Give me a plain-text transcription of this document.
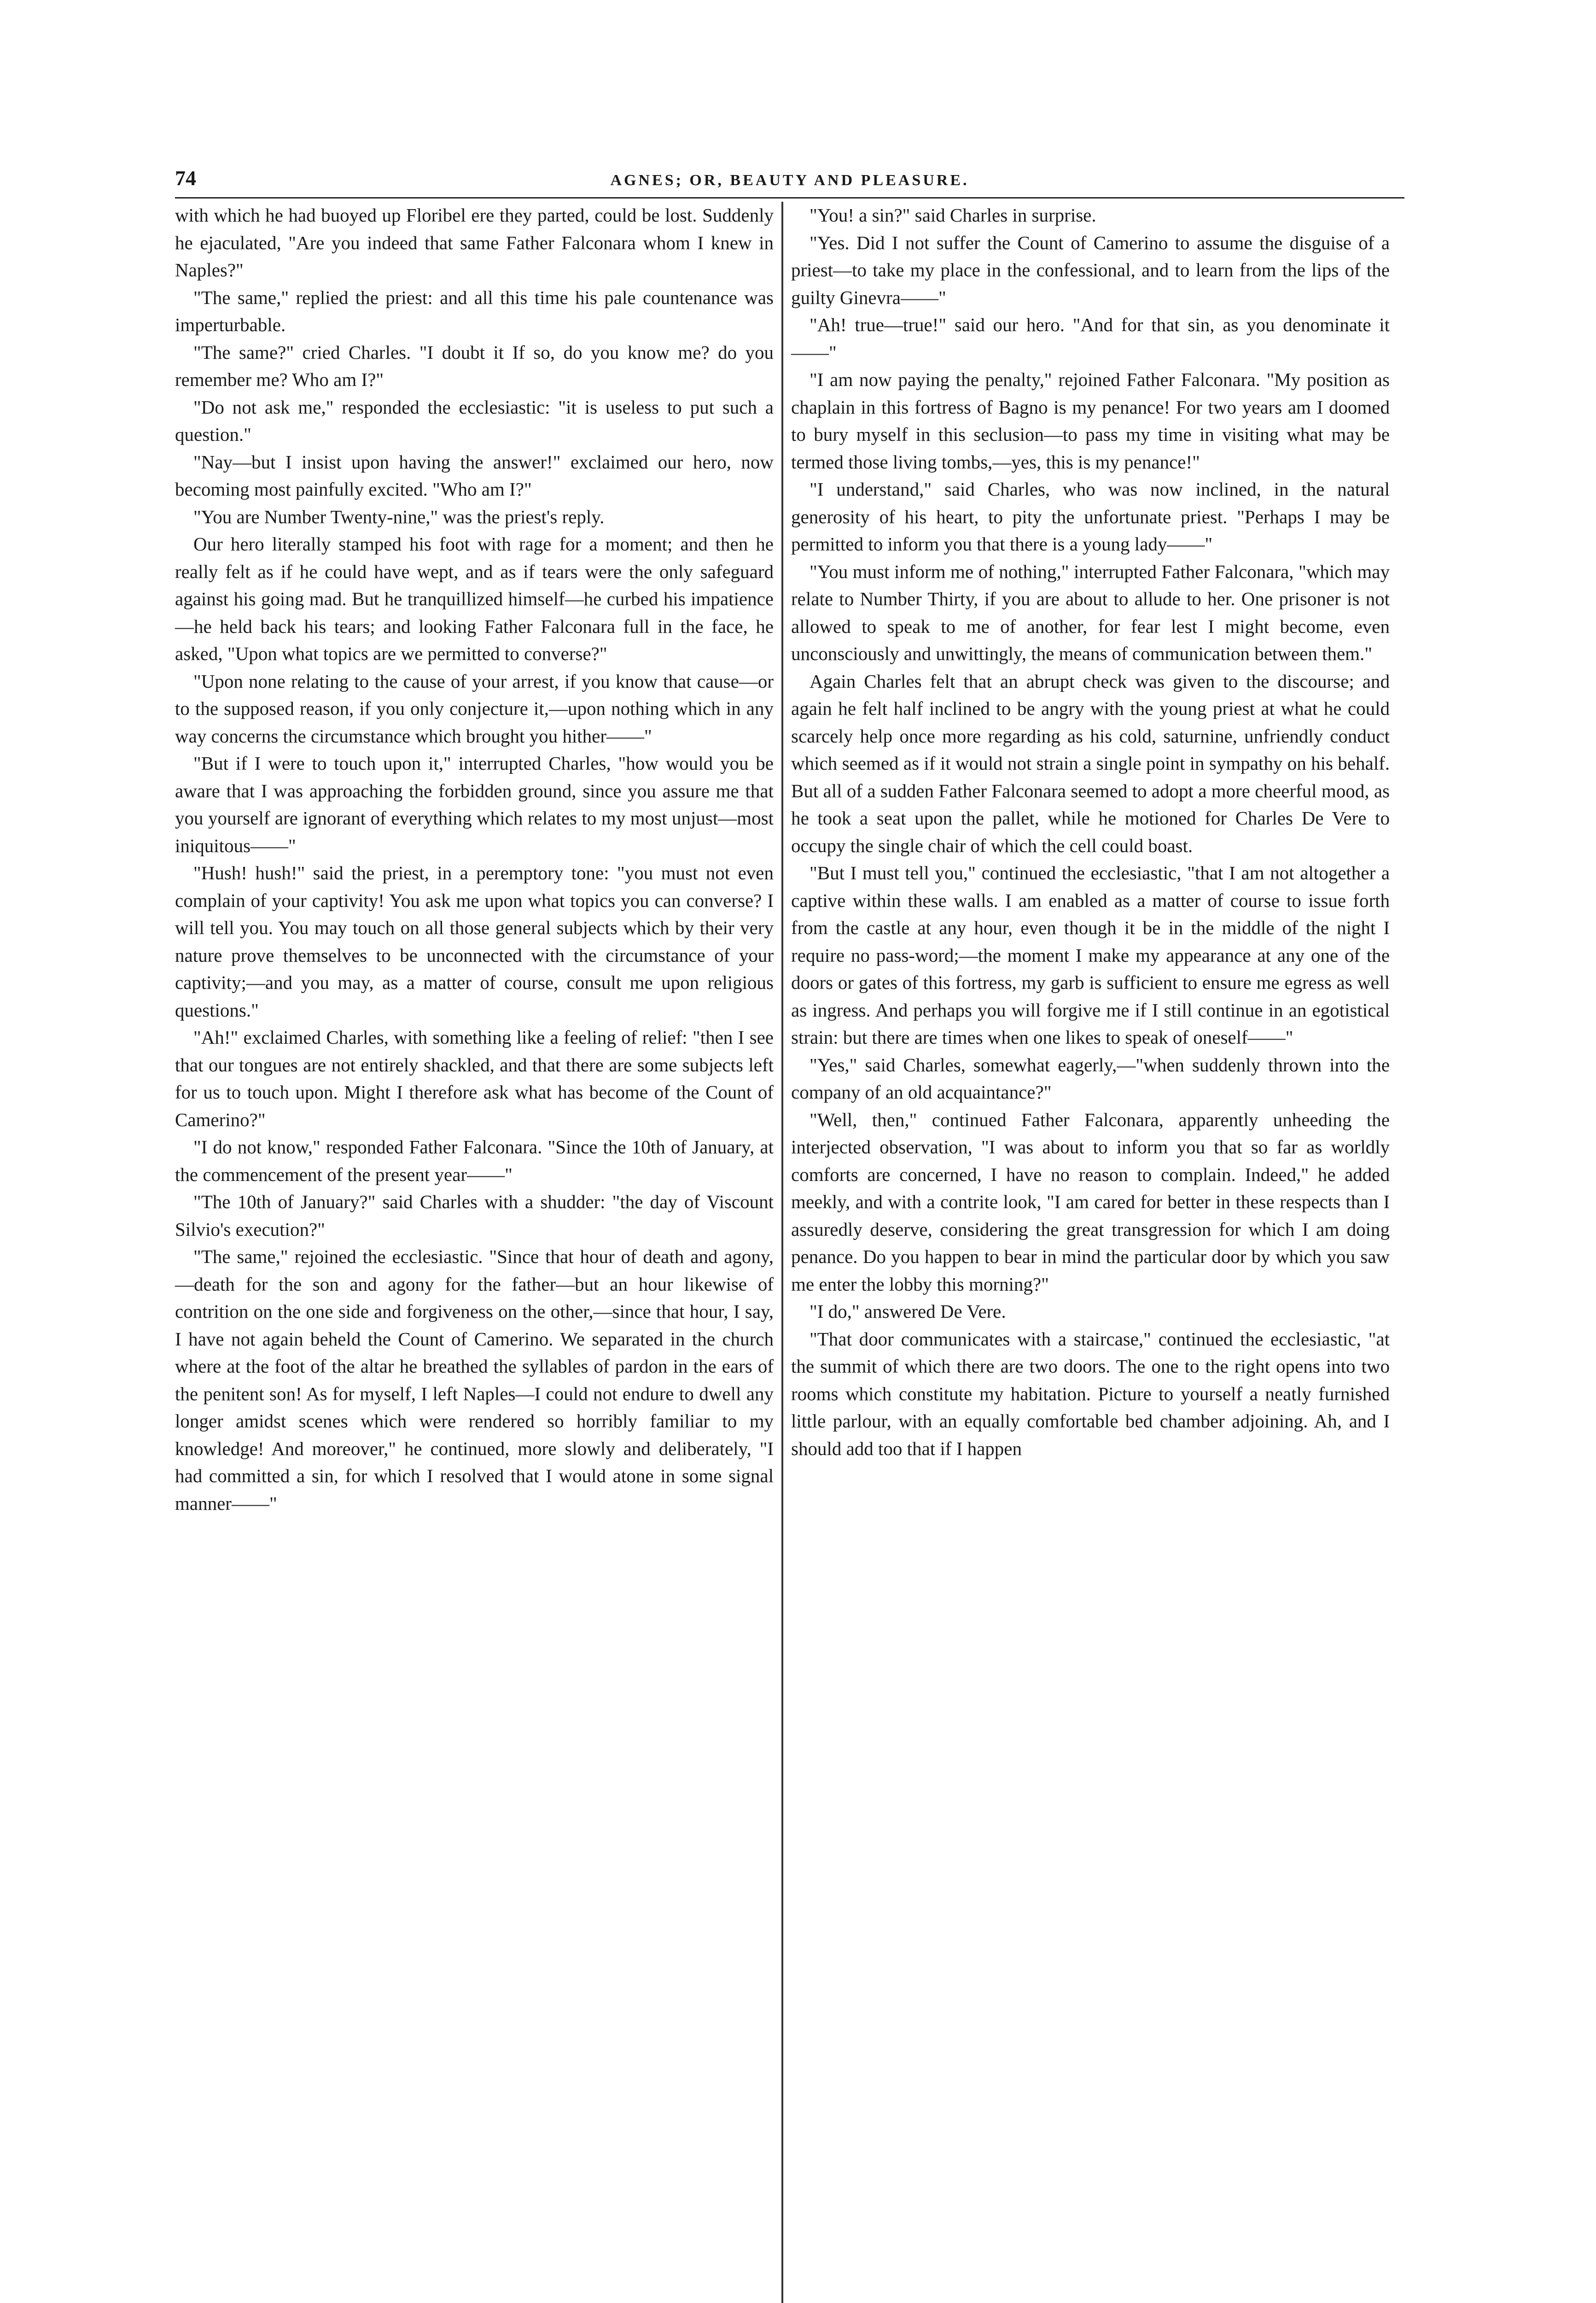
74	AGNES; OR, BEAUTY AND PLEASURE.

with which he had buoyed up Floribel ere they parted, could be lost. Suddenly he ejaculated, "Are you indeed that same Father Falconara whom I knew in Naples?"

"The same," replied the priest: and all this time his pale countenance was imperturbable.

"The same?" cried Charles. "I doubt it If so, do you know me? do you remember me? Who am I?"

"Do not ask me," responded the ecclesiastic: "it is useless to put such a question."

"Nay—but I insist upon having the answer!" exclaimed our hero, now becoming most painfully excited. "Who am I?"

"You are Number Twenty-nine," was the priest's reply.

Our hero literally stamped his foot with rage for a moment; and then he really felt as if he could have wept, and as if tears were the only safeguard against his going mad. But he tranquillized himself—he curbed his impatience—he held back his tears; and looking Father Falconara full in the face, he asked, "Upon what topics are we permitted to converse?"

"Upon none relating to the cause of your arrest, if you know that cause—or to the supposed reason, if you only conjecture it,—upon nothing which in any way concerns the circumstance which brought you hither——"

"But if I were to touch upon it," interrupted Charles, "how would you be aware that I was approaching the forbidden ground, since you assure me that you yourself are ignorant of everything which relates to my most unjust—most iniquitous——"

"Hush! hush!" said the priest, in a peremptory tone: "you must not even complain of your captivity! You ask me upon what topics you can converse? I will tell you. You may touch on all those general subjects which by their very nature prove themselves to be unconnected with the circumstance of your captivity;—and you may, as a matter of course, consult me upon religious questions."

"Ah!" exclaimed Charles, with something like a feeling of relief: "then I see that our tongues are not entirely shackled, and that there are some subjects left for us to touch upon. Might I therefore ask what has become of the Count of Camerino?"

"I do not know," responded Father Falconara. "Since the 10th of January, at the commencement of the present year——"

"The 10th of January?" said Charles with a shudder: "the day of Viscount Silvio's execution?"

"The same," rejoined the ecclesiastic. "Since that hour of death and agony,—death for the son and agony for the father—but an hour likewise of contrition on the one side and forgiveness on the other,—since that hour, I say, I have not again beheld the Count of Camerino. We separated in the church where at the foot of the altar he breathed the syllables of pardon in the ears of the penitent son! As for myself, I left Naples—I could not endure to dwell any longer amidst scenes which were rendered so horribly familiar to my knowledge! And moreover," he continued, more slowly and deliberately, "I had committed a sin, for which I resolved that I would atone in some signal manner——"

"You! a sin?" said Charles in surprise.

"Yes. Did I not suffer the Count of Camerino to assume the disguise of a priest—to take my place in the confessional, and to learn from the lips of the guilty Ginevra——"

"Ah! true—true!" said our hero. "And for that sin, as you denominate it——"

"I am now paying the penalty," rejoined Father Falconara. "My position as chaplain in this fortress of Bagno is my penance! For two years am I doomed to bury myself in this seclusion—to pass my time in visiting what may be termed those living tombs,—yes, this is my penance!"

"I understand," said Charles, who was now inclined, in the natural generosity of his heart, to pity the unfortunate priest. "Perhaps I may be permitted to inform you that there is a young lady——"

"You must inform me of nothing," interrupted Father Falconara, "which may relate to Number Thirty, if you are about to allude to her. One prisoner is not allowed to speak to me of another, for fear lest I might become, even unconsciously and unwittingly, the means of communication between them."

Again Charles felt that an abrupt check was given to the discourse; and again he felt half inclined to be angry with the young priest at what he could scarcely help once more regarding as his cold, saturnine, unfriendly conduct which seemed as if it would not strain a single point in sympathy on his behalf. But all of a sudden Father Falconara seemed to adopt a more cheerful mood, as he took a seat upon the pallet, while he motioned for Charles De Vere to occupy the single chair of which the cell could boast.

"But I must tell you," continued the ecclesiastic, "that I am not altogether a captive within these walls. I am enabled as a matter of course to issue forth from the castle at any hour, even though it be in the middle of the night I require no pass-word;—the moment I make my appearance at any one of the doors or gates of this fortress, my garb is sufficient to ensure me egress as well as ingress. And perhaps you will forgive me if I still continue in an egotistical strain: but there are times when one likes to speak of oneself——"

"Yes," said Charles, somewhat eagerly,—"when suddenly thrown into the company of an old acquaintance?"

"Well, then," continued Father Falconara, apparently unheeding the interjected observation, "I was about to inform you that so far as worldly comforts are concerned, I have no reason to complain. Indeed," he added meekly, and with a contrite look, "I am cared for better in these respects than I assuredly deserve, considering the great transgression for which I am doing penance. Do you happen to bear in mind the particular door by which you saw me enter the lobby this morning?"

"I do," answered De Vere.

"That door communicates with a staircase," continued the ecclesiastic, "at the summit of which there are two doors. The one to the right opens into two rooms which constitute my habitation. Picture to yourself a neatly furnished little parlour, with an equally comfortable bed chamber adjoining. Ah, and I should add too that if I happen
